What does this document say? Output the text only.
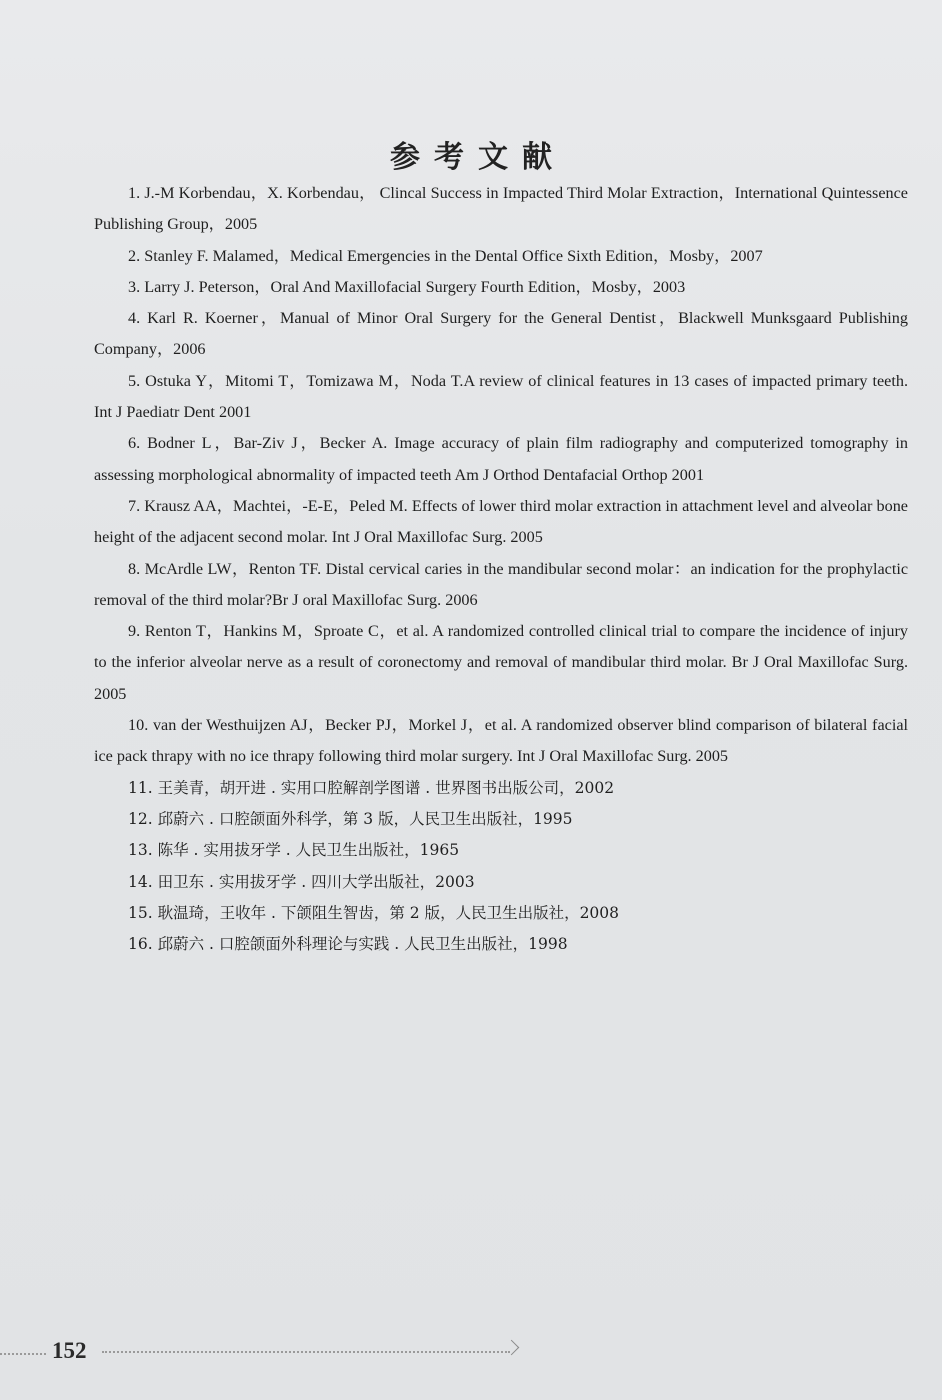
参考文献
1. J.-M Korbendau，X. Korbendau， Clincal Success in Impacted Third Molar Extraction，International Quintessence Publishing Group，2005
2. Stanley F. Malamed，Medical Emergencies in the Dental Office Sixth Edition，Mosby，2007
3. Larry J. Peterson，Oral And Maxillofacial Surgery Fourth Edition，Mosby，2003
4. Karl R. Koerner，Manual of Minor Oral Surgery for the General Dentist，Blackwell Munksgaard Publishing Company，2006
5. Ostuka Y，Mitomi T，Tomizawa M，Noda T.A review of clinical features in 13 cases of impacted primary teeth. Int J Paediatr Dent 2001
6. Bodner L，Bar-Ziv J，Becker A. Image accuracy of plain film radiography and computerized tomography in assessing morphological abnormality of impacted teeth Am J Orthod Dentafacial Orthop 2001
7. Krausz AA，Machtei，-E-E，Peled M. Effects of lower third molar extraction in attachment level and alveolar bone height of the adjacent second molar. Int J Oral Maxillofac Surg. 2005
8. McArdle LW，Renton TF. Distal cervical caries in the mandibular second molar：an indication for the prophylactic removal of the third molar?Br J oral Maxillofac Surg. 2006
9. Renton T，Hankins M，Sproate C，et al. A randomized controlled clinical trial to compare the incidence of injury to the inferior alveolar nerve as a result of coronectomy and removal of mandibular third molar. Br J Oral Maxillofac Surg. 2005
10. van der Westhuijzen AJ，Becker PJ，Morkel J，et al. A randomized observer blind comparison of bilateral facial ice pack thrapy with no ice thrapy following third molar surgery. Int J Oral Maxillofac Surg. 2005
11. 王美青，胡开进 . 实用口腔解剖学图谱 . 世界图书出版公司，2002
12. 邱蔚六 . 口腔颌面外科学，第 3 版，人民卫生出版社，1995
13. 陈华 . 实用拔牙学 . 人民卫生出版社，1965
14. 田卫东 . 实用拔牙学 . 四川大学出版社，2003
15. 耿温琦，王收年 . 下颌阻生智齿，第 2 版，人民卫生出版社，2008
16. 邱蔚六 . 口腔颌面外科理论与实践 . 人民卫生出版社，1998
152
